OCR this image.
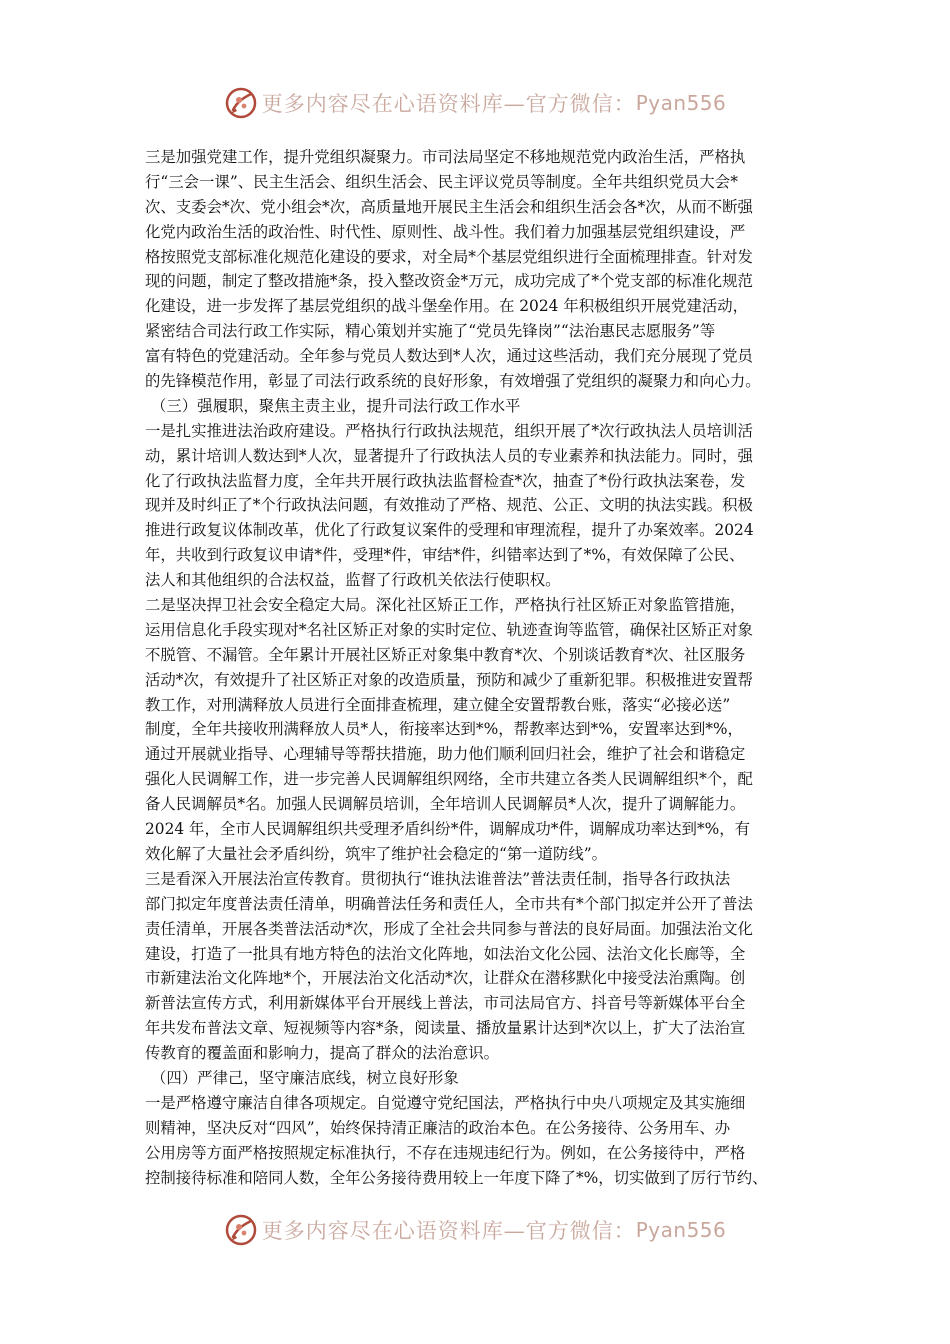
更多内容尽在心语资料库—官方微信： Pyan556
三是加强党建工作，提升党组织凝聚力。市司法局坚定不移地规范党内政治生活，严格执
行“三会一课”、民主生活会、组织生活会、民主评议党员等制度。全年共组织党员大会*
次、支委会*次、党小组会*次，高质量地开展民主生活会和组织生活会各*次，从而不断强
化党内政治生活的政治性、时代性、原则性、战斗性。我们着力加强基层党组织建设，严
格按照党支部标准化规范化建设的要求，对全局*个基层党组织进行全面梳理排查。针对发
现的问题，制定了整改措施*条，投入整改资金*万元，成功完成了*个党支部的标准化规范
化建设，进一步发挥了基层党组织的战斗堡垒作用。在 2024 年积极组织开展党建活动，
紧密结合司法行政工作实际，精心策划并实施了“党员先锋岗”“法治惠民志愿服务”等
富有特色的党建活动。全年参与党员人数达到*人次，通过这些活动，我们充分展现了党员
的先锋模范作用，彰显了司法行政系统的良好形象，有效增强了党组织的凝聚力和向心力。
（三）强履职，聚焦主责主业，提升司法行政工作水平
一是扎实推进法治政府建设。严格执行行政执法规范，组织开展了*次行政执法人员培训活
动，累计培训人数达到*人次，显著提升了行政执法人员的专业素养和执法能力。同时，强
化了行政执法监督力度，全年共开展行政执法监督检查*次，抽查了*份行政执法案卷，发
现并及时纠正了*个行政执法问题，有效推动了严格、规范、公正、文明的执法实践。积极
推进行政复议体制改革，优化了行政复议案件的受理和审理流程，提升了办案效率。2024
年，共收到行政复议申请*件，受理*件，审结*件，纠错率达到了*%，有效保障了公民、
法人和其他组织的合法权益，监督了行政机关依法行使职权。
二是坚决捍卫社会安全稳定大局。深化社区矫正工作，严格执行社区矫正对象监管措施，
运用信息化手段实现对*名社区矫正对象的实时定位、轨迹查询等监管，确保社区矫正对象
不脱管、不漏管。全年累计开展社区矫正对象集中教育*次、个别谈话教育*次、社区服务
活动*次，有效提升了社区矫正对象的改造质量，预防和减少了重新犯罪。积极推进安置帮
教工作，对刑满释放人员进行全面排查梳理，建立健全安置帮教台账，落实“必接必送”
制度，全年共接收刑满释放人员*人，衔接率达到*%，帮教率达到*%，安置率达到*%，
通过开展就业指导、心理辅导等帮扶措施，助力他们顺利回归社会，维护了社会和谐稳定
强化人民调解工作，进一步完善人民调解组织网络，全市共建立各类人民调解组织*个，配
备人民调解员*名。加强人民调解员培训，全年培训人民调解员*人次，提升了调解能力。
2024 年，全市人民调解组织共受理矛盾纠纷*件，调解成功*件，调解成功率达到*%，有
效化解了大量社会矛盾纠纷，筑牢了维护社会稳定的“第一道防线”。
三是看深入开展法治宣传教育。贯彻执行“谁执法谁普法”普法责任制，指导各行政执法
部门拟定年度普法责任清单，明确普法任务和责任人，全市共有*个部门拟定并公开了普法
责任清单，开展各类普法活动*次，形成了全社会共同参与普法的良好局面。加强法治文化
建设，打造了一批具有地方特色的法治文化阵地，如法治文化公园、法治文化长廊等，全
市新建法治文化阵地*个，开展法治文化活动*次，让群众在潜移默化中接受法治熏陶。创
新普法宣传方式，利用新媒体平台开展线上普法，市司法局官方、抖音号等新媒体平台全
年共发布普法文章、短视频等内容*条，阅读量、播放量累计达到*次以上，扩大了法治宣
传教育的覆盖面和影响力，提高了群众的法治意识。
（四）严律己，坚守廉洁底线，树立良好形象
一是严格遵守廉洁自律各项规定。自觉遵守党纪国法，严格执行中央八项规定及其实施细
则精神，坚决反对“四风”，始终保持清正廉洁的政治本色。在公务接待、公务用车、办
公用房等方面严格按照规定标准执行，不存在违规违纪行为。例如，在公务接待中，严格
控制接待标准和陪同人数，全年公务接待费用较上一年度下降了*%，切实做到了厉行节约、
更多内容尽在心语资料库—官方微信： Pyan556
